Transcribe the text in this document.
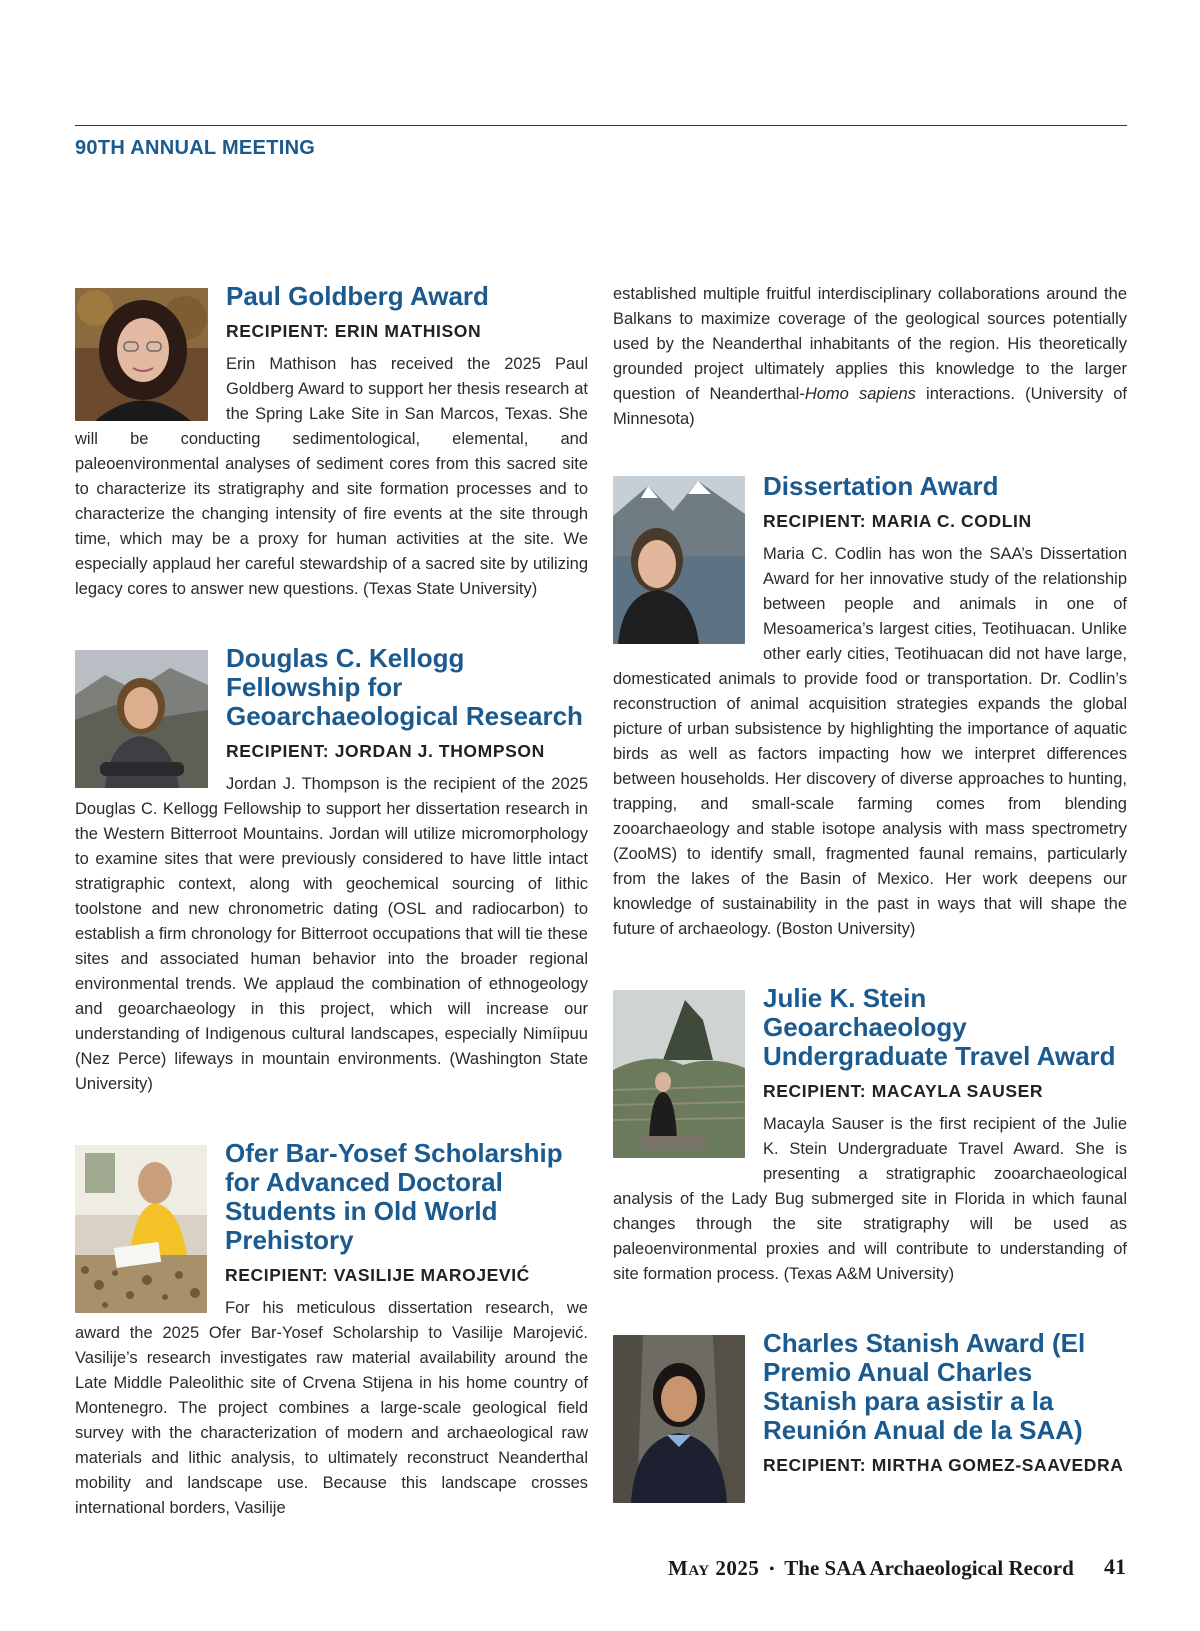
90TH ANNUAL MEETING
Paul Goldberg Award
RECIPIENT: ERIN MATHISON

Erin Mathison has received the 2025 Paul Goldberg Award to support her thesis research at the Spring Lake Site in San Marcos, Texas. She will be conducting sedimentological, elemental, and paleoenvironmental analyses of sediment cores from this sacred site to characterize its stratigraphy and site formation processes and to characterize the changing intensity of fire events at the site through time, which may be a proxy for human activities at the site. We especially applaud her careful stewardship of a sacred site by utilizing legacy cores to answer new questions. (Texas State University)

Douglas C. Kellogg Fellowship for Geoarchaeological Research
RECIPIENT: JORDAN J. THOMPSON

Jordan J. Thompson is the recipient of the 2025 Douglas C. Kellogg Fellowship to support her dissertation research in the Western Bitterroot Mountains. Jordan will utilize micromorphology to examine sites that were previously considered to have little intact stratigraphic context, along with geochemical sourcing of lithic toolstone and new chronometric dating (OSL and radiocarbon) to establish a firm chronology for Bitterroot occupations that will tie these sites and associated human behavior into the broader regional environmental trends. We applaud the combination of ethnogeology and geoarchaeology in this project, which will increase our understanding of Indigenous cultural landscapes, especially Nimíipuu (Nez Perce) lifeways in mountain environments. (Washington State University)

Ofer Bar-Yosef Scholarship for Advanced Doctoral Students in Old World Prehistory
RECIPIENT: VASILIJE MAROJEVIĆ

For his meticulous dissertation research, we award the 2025 Ofer Bar-Yosef Scholarship to Vasilije Marojević. Vasilije’s research investigates raw material availability around the Late Middle Paleolithic site of Crvena Stijena in his home country of Montenegro. The project combines a large-scale geological field survey with the characterization of modern and archaeological raw materials and lithic analysis, to ultimately reconstruct Neanderthal mobility and landscape use. Because this landscape crosses international borders, Vasilije

established multiple fruitful interdisciplinary collaborations around the Balkans to maximize coverage of the geological sources potentially used by the Neanderthal inhabitants of the region. His theoretically grounded project ultimately applies this knowledge to the larger question of Neanderthal-Homo sapiens interactions. (University of Minnesota)

Dissertation Award
RECIPIENT: MARIA C. CODLIN

Maria C. Codlin has won the SAA’s Dissertation Award for her innovative study of the relationship between people and animals in one of Mesoamerica’s largest cities, Teotihuacan. Unlike other early cities, Teotihuacan did not have large, domesticated animals to provide food or transportation. Dr. Codlin’s reconstruction of animal acquisition strategies expands the global picture of urban subsistence by highlighting the importance of aquatic birds as well as factors impacting how we interpret differences between households. Her discovery of diverse approaches to hunting, trapping, and small-scale farming comes from blending zooarchaeology and stable isotope analysis with mass spectrometry (ZooMS) to identify small, fragmented faunal remains, particularly from the lakes of the Basin of Mexico. Her work deepens our knowledge of sustainability in the past in ways that will shape the future of archaeology. (Boston University)

Julie K. Stein Geoarchaeology Undergraduate Travel Award
RECIPIENT: MACAYLA SAUSER

Macayla Sauser is the first recipient of the Julie K. Stein Undergraduate Travel Award. She is presenting a stratigraphic zooarchaeological analysis of the Lady Bug submerged site in Florida in which faunal changes through the site stratigraphy will be used as paleoenvironmental proxies and will contribute to understanding of site formation process. (Texas A&M University)

Charles Stanish Award (El Premio Anual Charles Stanish para asistir a la Reunión Anual de la SAA)
RECIPIENT: MIRTHA GOMEZ-SAAVEDRA
May 2025 • The SAA Archaeological Record 41
